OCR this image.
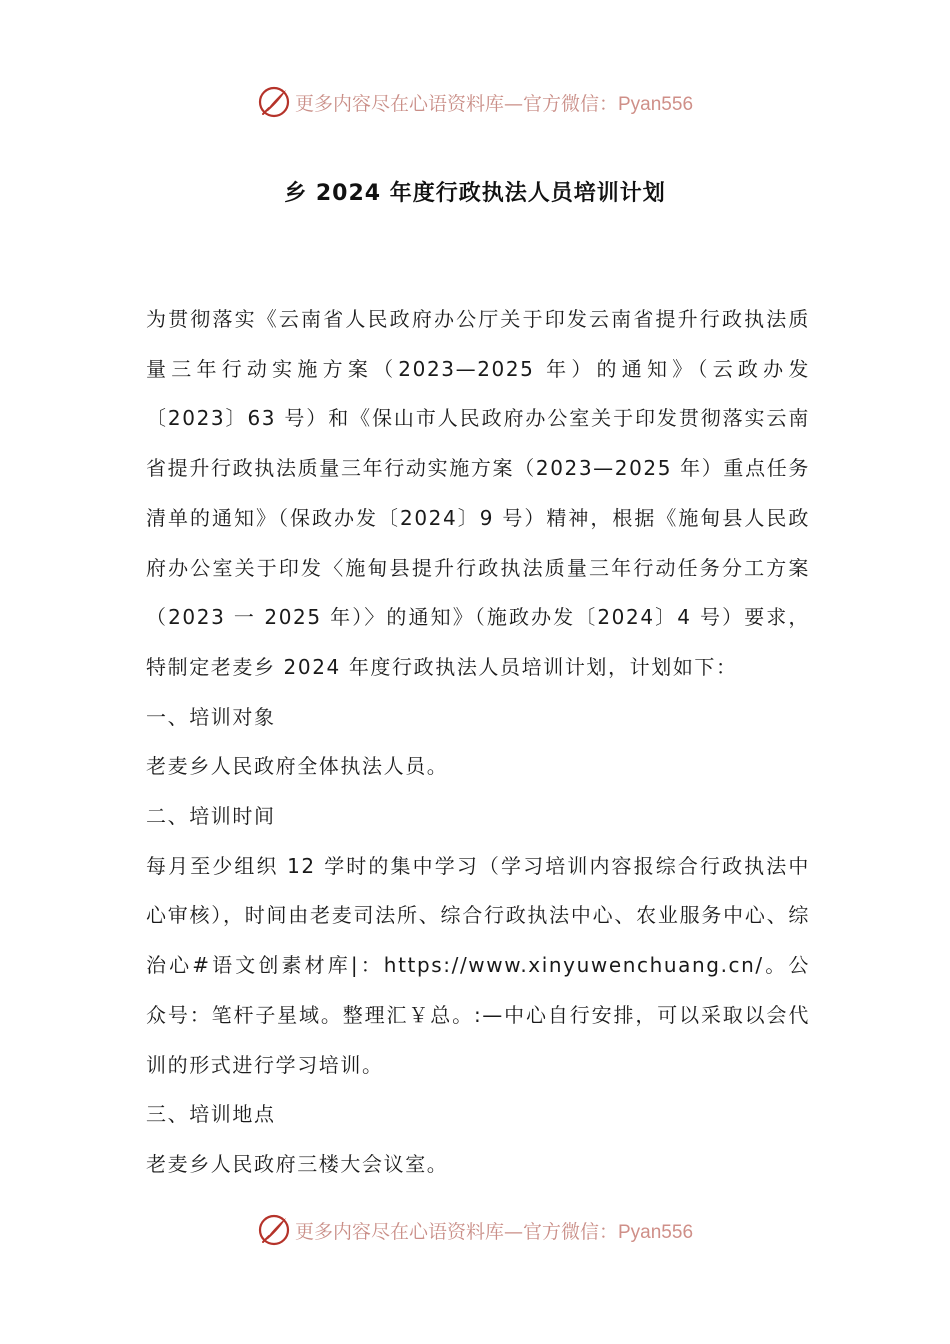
更多内容尽在心语资料库—官方微信：Pyan556
乡 2024 年度行政执法人员培训计划

为贯彻落实《云南省人民政府办公厅关于印发云南省提升行政执法质量三年行动实施方案（2023—2025 年）的通知》（云政办发〔2023〕63 号）和《保山市人民政府办公室关于印发贯彻落实云南省提升行政执法质量三年行动实施方案（2023—2025 年）重点任务清单的通知》（保政办发〔2024〕9 号）精神，根据《施甸县人民政府办公室关于印发〈施甸县提升行政执法质量三年行动任务分工方案（2023 一 2025 年）〉的通知》（施政办发〔2024〕4 号）要求，特制定老麦乡 2024 年度行政执法人员培训计划，计划如下：

一、培训对象

老麦乡人民政府全体执法人员。

二、培训时间

每月至少组织 12 学时的集中学习（学习培训内容报综合行政执法中心审核），时间由老麦司法所、综合行政执法中心、农业服务中心、综治心#语文创素材库|：https://www.xinyuwenchuang.cn/。公众号：笔杆子星域。整理汇￥总。:—中心自行安排，可以采取以会代训的形式进行学习培训。

三、培训地点

老麦乡人民政府三楼大会议室。

更多内容尽在心语资料库—官方微信：Pyan556
